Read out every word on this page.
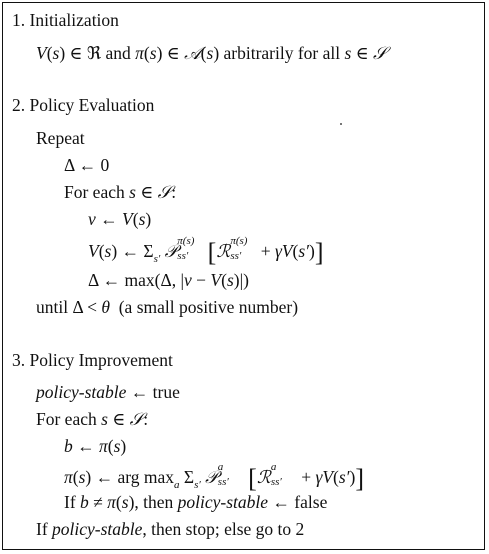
1. Initialization
V(s) ∈ ℜ and π(s) ∈ 𝒜(s) arbitrarily for all s ∈ 𝒮
2. Policy Evaluation
Repeat
Δ ← 0
For each s ∈ 𝒮:
v ← V(s)
V(s) ← $\Sigma_{s'}$ 𝒫
π(s)
ss′ [ℛ
π(s)
ss′ + γV(s′)]
Δ ← max(Δ, |v − V(s)|)
until Δ < θ  (a small positive number)
3. Policy Improvement
policy-stable ← true
For each s ∈ 𝒮:
b ← π(s)
π(s) ← arg $\max_a \Sigma_{s'}$ 𝒫
a
ss′ [ℛ
a
ss′ + γV(s′)]
If b ≠ π(s), then policy-stable ← false
If policy-stable, then stop; else go to 2
